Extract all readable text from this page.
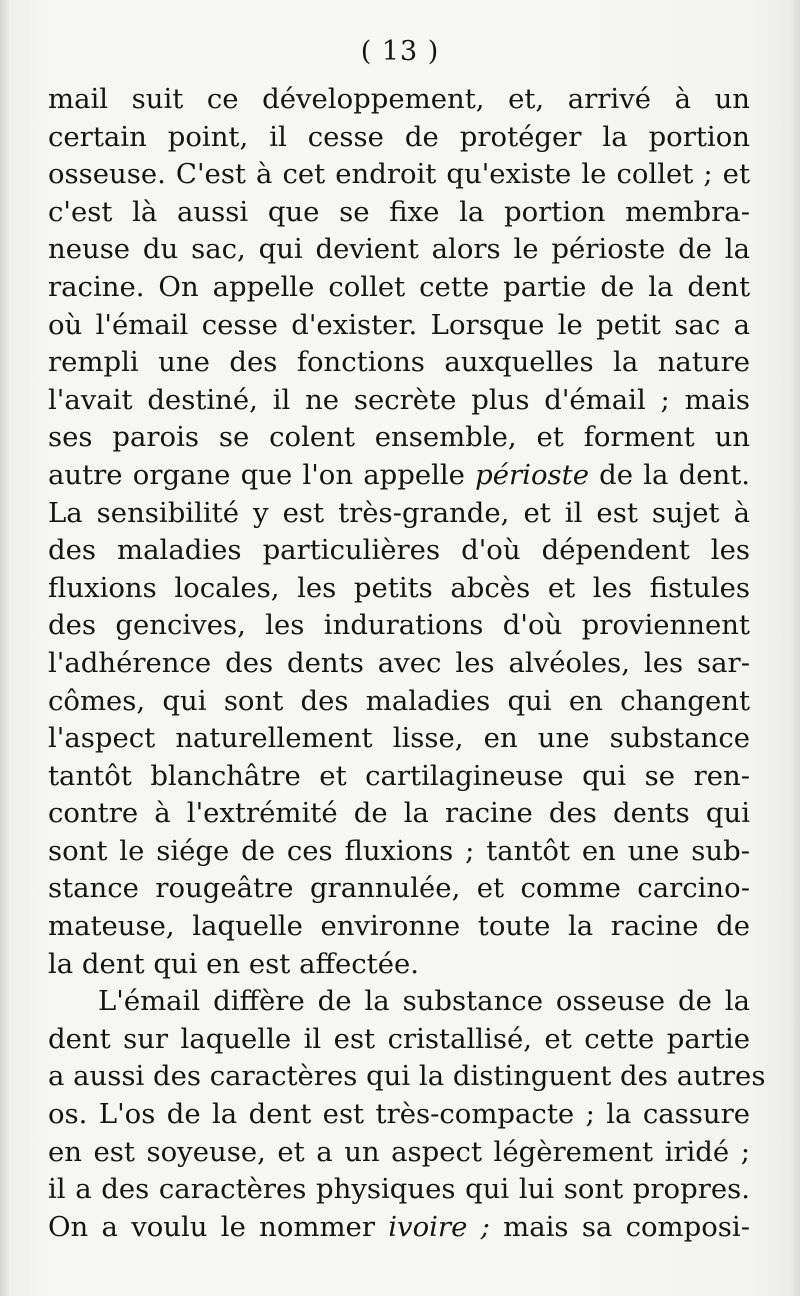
( 13 )
mail suit ce développement, et, arrivé à un
certain point, il cesse de protéger la portion
osseuse. C'est à cet endroit qu'existe le collet ; et
c'est là aussi que se fixe la portion membra-
neuse du sac, qui devient alors le périoste de la
racine. On appelle collet cette partie de la dent
où l'émail cesse d'exister. Lorsque le petit sac a
rempli une des fonctions auxquelles la nature
l'avait destiné, il ne secrète plus d'émail ; mais
ses parois se colent ensemble, et forment un
autre organe que l'on appelle périoste de la dent.
La sensibilité y est très-grande, et il est sujet à
des maladies particulières d'où dépendent les
fluxions locales, les petits abcès et les fistules
des gencives, les indurations d'où proviennent
l'adhérence des dents avec les alvéoles, les sar-
cômes, qui sont des maladies qui en changent
l'aspect naturellement lisse, en une substance
tantôt blanchâtre et cartilagineuse qui se ren-
contre à l'extrémité de la racine des dents qui
sont le siége de ces fluxions ; tantôt en une sub-
stance rougeâtre grannulée, et comme carcino-
mateuse, laquelle environne toute la racine de
la dent qui en est affectée.
L'émail diffère de la substance osseuse de la
dent sur laquelle il est cristallisé, et cette partie
a aussi des caractères qui la distinguent des autres
os. L'os de la dent est très-compacte ; la cassure
en est soyeuse, et a un aspect légèrement iridé ;
il a des caractères physiques qui lui sont propres.
On a voulu le nommer ivoire ; mais sa composi-
